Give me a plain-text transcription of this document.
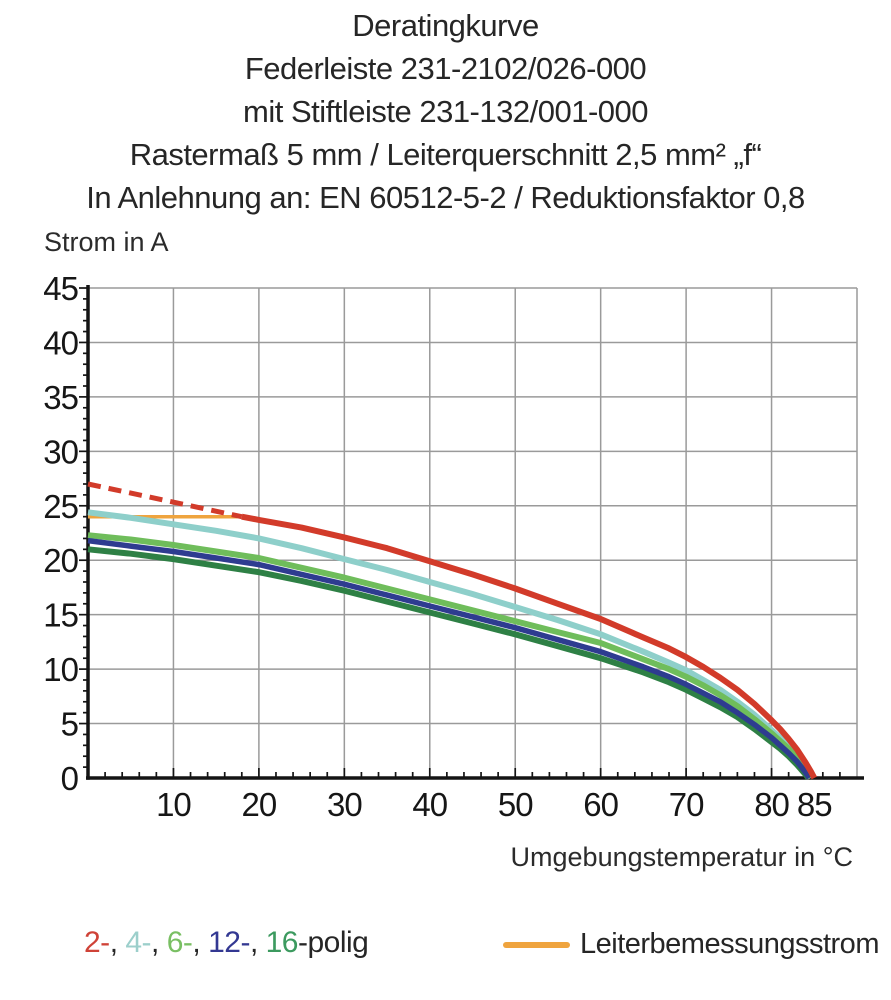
0
5
10
15
20
25
30
35
40
45
10 20 30 40 50 60 70 80 85
Deratingkurve
Federleiste 231-2102/026-000
mit Stiftleiste 231-132/001-000
Rastermaß 5 mm / Leiterquerschnitt 2,5 mm² „f“
In Anlehnung an: EN 60512-5-2 / Reduktionsfaktor 0,8
Strom in A
Umgebungstemperatur in °C
2-, 4-, 6-, 12-, 16-polig	Leiterbemessungsstrom
